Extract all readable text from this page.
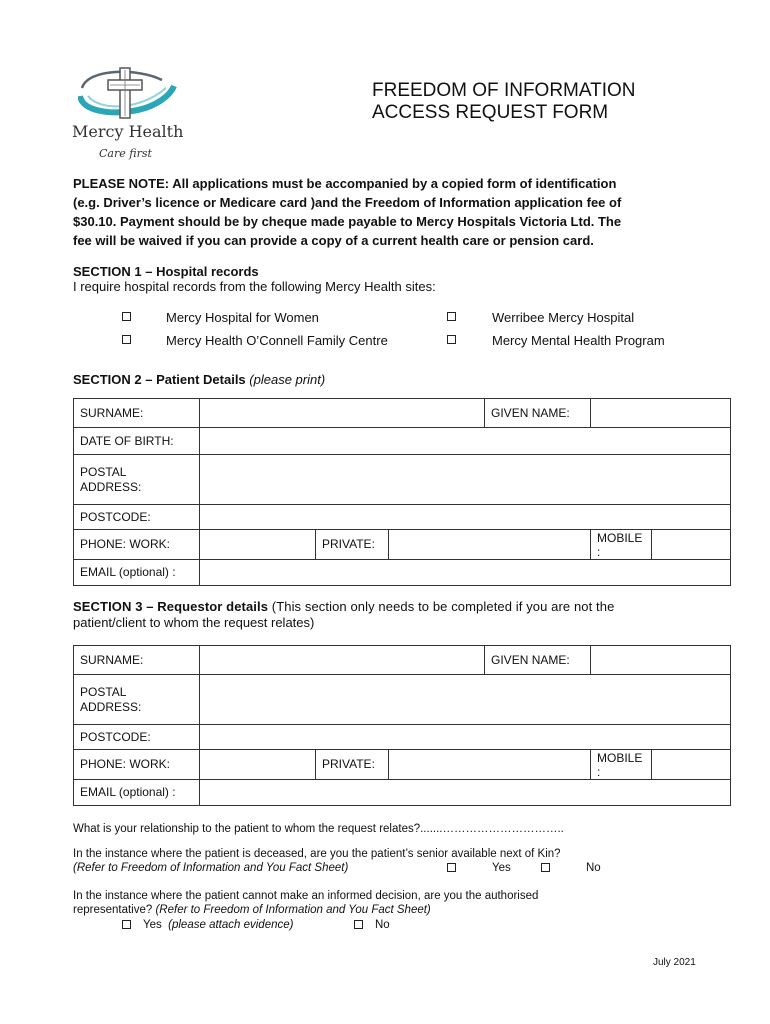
Mercy Health
Care first
FREEDOM OF INFORMATION
ACCESS REQUEST FORM
PLEASE NOTE: All applications must be accompanied by a copied form of identification
(e.g. Driver’s licence or Medicare card )and the Freedom of Information application fee of
$30.10. Payment should be by cheque made payable to Mercy Hospitals Victoria Ltd. The
fee will be waived if you can provide a copy of a current health care or pension card.
SECTION 1 – Hospital records
I require hospital records from the following Mercy Health sites:
Mercy Hospital for Women	Werribee Mercy Hospital
Mercy Health O’Connell Family Centre	Mercy Mental Health Program
SECTION 2 – Patient Details (please print)
SURNAME:				GIVEN NAME:		
DATE OF BIRTH:						

POSTAL
ADDRESS:						

POSTCODE:						
PHONE: WORK:		PRIVATE:			MOBILE
:	

EMAIL (optional) :						
SECTION 3 – Requestor details (This section only needs to be completed if you are not the
patient/client to whom the request relates)
SURNAME:				GIVEN NAME:		

POSTAL
ADDRESS:						

POSTCODE:						
PHONE: WORK:		PRIVATE:			MOBILE
:	

EMAIL (optional) :						
What is your relationship to the patient to whom the request relates?.......…………………………..
In the instance where the patient is deceased, are you the patient’s senior available next of Kin?
(Refer to Freedom of Information and You Fact Sheet)	Yes	No
In the instance where the patient cannot make an informed decision, are you the authorised
representative? (Refer to Freedom of Information and You Fact Sheet)
Yes (please attach evidence)	No
July 2021
